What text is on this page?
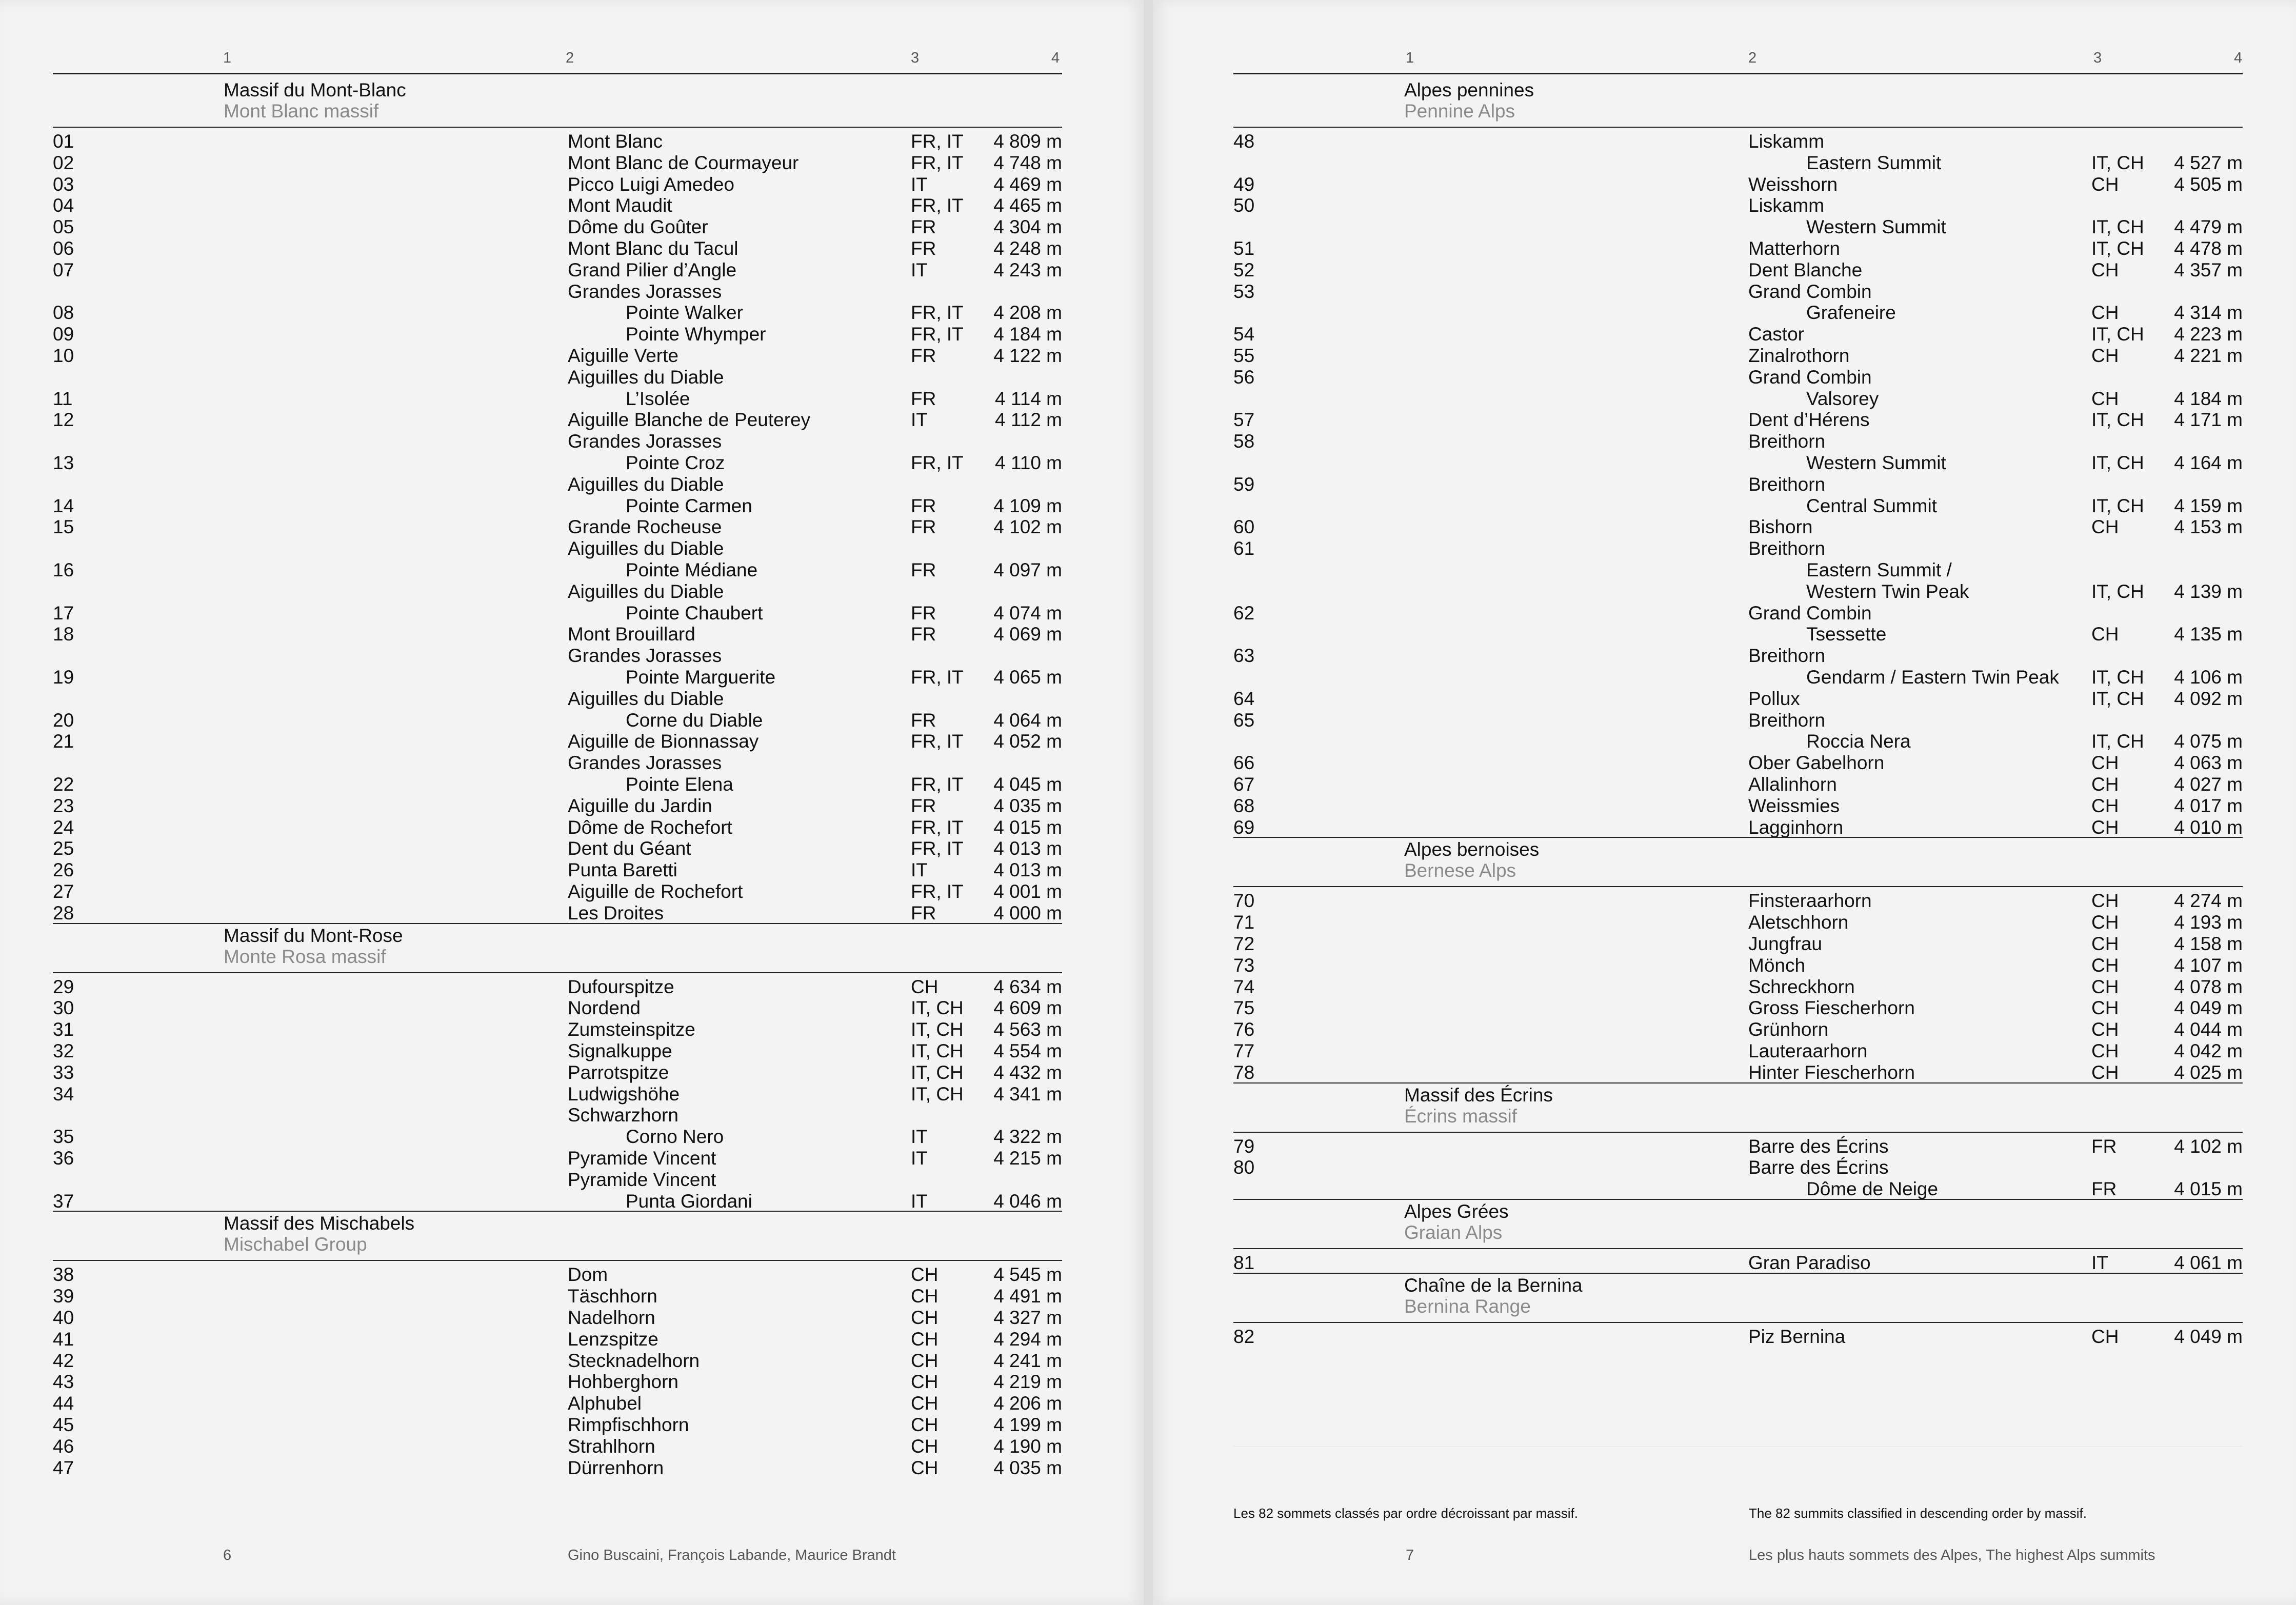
1	2	3	4
Massif du Mont-Blanc
Mont Blanc massif
01	Mont Blanc	FR, IT 4 809 m
02	Mont Blanc de Courmayeur	FR, IT 4 748 m
03	Picco Luigi Amedeo	IT	4 469 m
04	Mont Maudit	FR, IT 4 465 m
05	Dôme du Goûter	FR	4 304 m
06	Mont Blanc du Tacul	FR	4 248 m
07	Grand Pilier d’Angle	IT	4 243 m
Grandes Jorasses
08	Pointe Walker	FR, IT 4 208 m
09	Pointe Whymper	FR, IT 4 184 m
10	Aiguille Verte	FR	4 122 m
Aiguilles du Diable
11	L’Isolée	FR	4 114 m
12	Aiguille Blanche de Peuterey	IT	4 112 m
Grandes Jorasses
13	Pointe Croz	FR, IT 4 110 m
Aiguilles du Diable
14	Pointe Carmen	FR	4 109 m
15	Grande Rocheuse	FR	4 102 m
Aiguilles du Diable
16	Pointe Médiane	FR	4 097 m
Aiguilles du Diable
17	Pointe Chaubert	FR	4 074 m
18	Mont Brouillard	FR	4 069 m
Grandes Jorasses
19	Pointe Marguerite	FR, IT 4 065 m
Aiguilles du Diable
20	Corne du Diable	FR	4 064 m
21	Aiguille de Bionnassay	FR, IT 4 052 m
Grandes Jorasses
22	Pointe Elena	FR, IT 4 045 m
23	Aiguille du Jardin	FR	4 035 m
24	Dôme de Rochefort	FR, IT 4 015 m
25	Dent du Géant	FR, IT 4 013 m
26	Punta Baretti	IT	4 013 m
27	Aiguille de Rochefort	FR, IT 4 001 m
28	Les Droites	FR	4 000 m
Massif du Mont-Rose
Monte Rosa massif
29	Dufourspitze	CH	4 634 m
30	Nordend	IT, CH 4 609 m
31	Zumsteinspitze	IT, CH 4 563 m
32	Signalkuppe	IT, CH 4 554 m
33	Parrotspitze	IT, CH 4 432 m
34	Ludwigshöhe	IT, CH 4 341 m
Schwarzhorn
35	Corno Nero	IT	4 322 m
36	Pyramide Vincent	IT	4 215 m
Pyramide Vincent
37	Punta Giordani	IT	4 046 m
Massif des Mischabels
Mischabel Group
38	Dom	CH	4 545 m
39	Täschhorn	CH	4 491 m
40	Nadelhorn	CH	4 327 m
41	Lenzspitze	CH	4 294 m
42	Stecknadelhorn	CH	4 241 m
43	Hohberghorn	CH	4 219 m
44	Alphubel	CH	4 206 m
45	Rimpfischhorn	CH	4 199 m
46	Strahlhorn	CH	4 190 m
47	Dürrenhorn	CH	4 035 m
6	Gino Buscaini, François Labande, Maurice Brandt
1	2	3	4
Alpes pennines
Pennine Alps
48	Liskamm
Eastern Summit	IT, CH 4 527 m
49	Weisshorn	CH	4 505 m
50	Liskamm
Western Summit	IT, CH 4 479 m
51	Matterhorn	IT, CH 4 478 m
52	Dent Blanche	CH	4 357 m
53	Grand Combin
Grafeneire	CH	4 314 m
54	Castor	IT, CH 4 223 m
55	Zinalrothorn	CH	4 221 m
56	Grand Combin
Valsorey	CH	4 184 m
57	Dent d’Hérens	IT, CH 4 171 m
58	Breithorn
Western Summit	IT, CH 4 164 m
59	Breithorn
Central Summit	IT, CH 4 159 m
60	Bishorn	CH	4 153 m
61	Breithorn
Eastern Summit /
Western Twin Peak	IT, CH 4 139 m
62	Grand Combin
Tsessette	CH	4 135 m
63	Breithorn
Gendarm / Eastern Twin Peak IT, CH 4 106 m
64	Pollux	IT, CH 4 092 m
65	Breithorn
Roccia Nera	IT, CH 4 075 m
66	Ober Gabelhorn	CH	4 063 m
67	Allalinhorn	CH	4 027 m
68	Weissmies	CH	4 017 m
69	Lagginhorn	CH	4 010 m
Alpes bernoises
Bernese Alps
70	Finsteraarhorn	CH	4 274 m
71	Aletschhorn	CH	4 193 m
72	Jungfrau	CH	4 158 m
73	Mönch	CH	4 107 m
74	Schreckhorn	CH	4 078 m
75	Gross Fiescherhorn	CH	4 049 m
76	Grünhorn	CH	4 044 m
77	Lauteraarhorn	CH	4 042 m
78	Hinter Fiescherhorn	CH	4 025 m
Massif des Écrins
Écrins massif
79	Barre des Écrins	FR	4 102 m
80	Barre des Écrins
Dôme de Neige	FR	4 015 m
Alpes Grées
Graian Alps
81	Gran Paradiso	IT	4 061 m
Chaîne de la Bernina
Bernina Range
82	Piz Bernina	CH	4 049 m
Les 82 sommets classés par ordre décroissant par massif.	The 82 summits classified in descending order by massif.
7	Les plus hauts sommets des Alpes, The highest Alps summits
